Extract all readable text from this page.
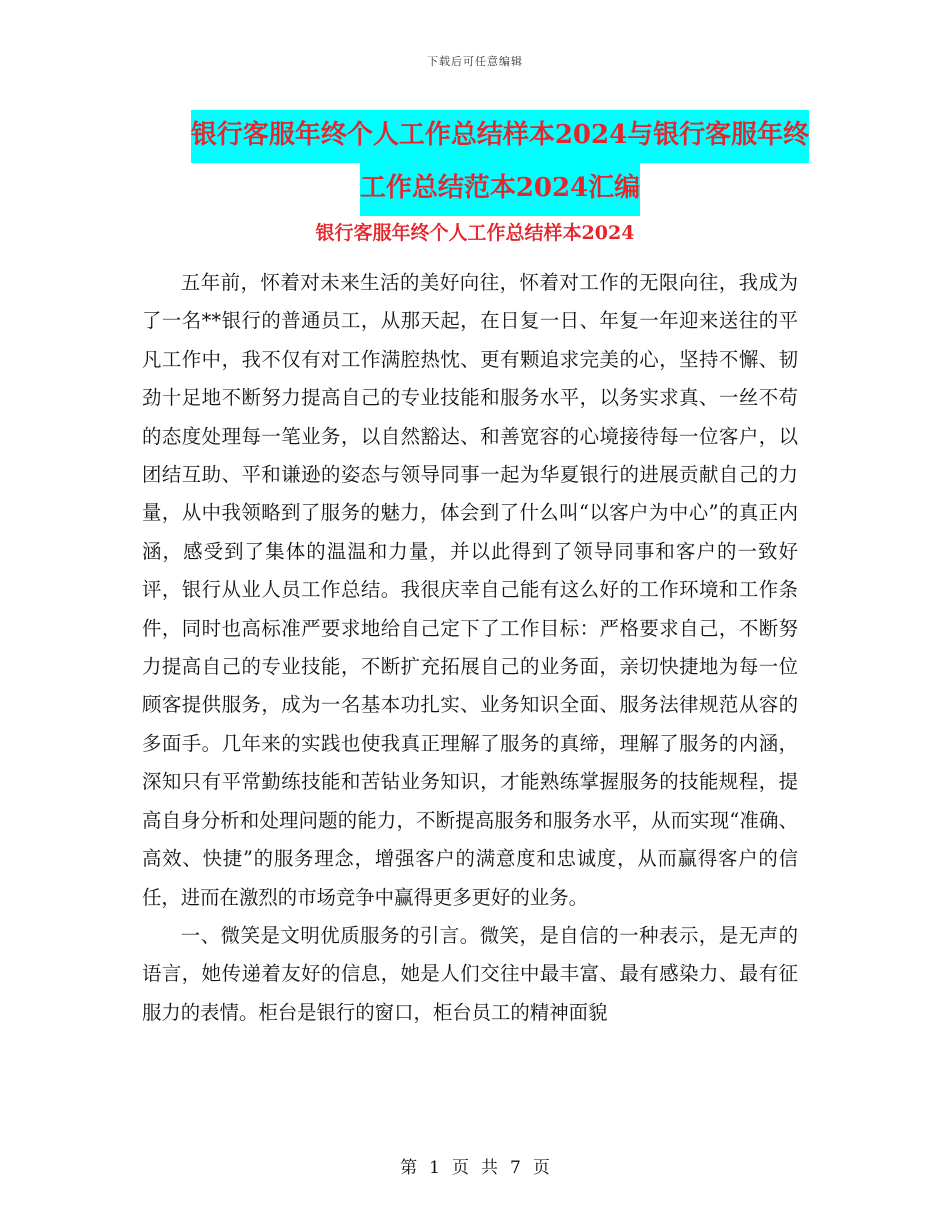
下载后可任意编辑
银行客服年终个人工作总结样本2024与银行客服年终
工作总结范本2024汇编
银行客服年终个人工作总结样本2024

五年前，怀着对未来生活的美好向往，怀着对工作的无限向往，我成为了一名**银行的普通员工，从那天起，在日复一日、年复一年迎来送往的平凡工作中，我不仅有对工作满腔热忱、更有颗追求完美的心，坚持不懈、韧劲十足地不断努力提高自己的专业技能和服务水平，以务实求真、一丝不苟的态度处理每一笔业务，以自然豁达、和善宽容的心境接待每一位客户，以团结互助、平和谦逊的姿态与领导同事一起为华夏银行的进展贡献自己的力量，从中我领略到了服务的魅力，体会到了什么叫“以客户为中心”的真正内涵，感受到了集体的温温和力量，并以此得到了领导同事和客户的一致好评，银行从业人员工作总结。我很庆幸自己能有这么好的工作环境和工作条件，同时也高标准严要求地给自己定下了工作目标：严格要求自己，不断努力提高自己的专业技能，不断扩充拓展自己的业务面，亲切快捷地为每一位顾客提供服务，成为一名基本功扎实、业务知识全面、服务法律规范从容的多面手。几年来的实践也使我真正理解了服务的真缔，理解了服务的内涵，深知只有平常勤练技能和苦钻业务知识，才能熟练掌握服务的技能规程，提高自身分析和处理问题的能力，不断提高服务和服务水平，从而实现“准确、高效、快捷”的服务理念，增强客户的满意度和忠诚度，从而赢得客户的信任，进而在激烈的市场竞争中赢得更多更好的业务。

一、微笑是文明优质服务的引言。微笑，是自信的一种表示，是无声的语言，她传递着友好的信息，她是人们交往中最丰富、最有感染力、最有征服力的表情。柜台是银行的窗口，柜台员工的精神面貌

第 1 页 共 7 页
